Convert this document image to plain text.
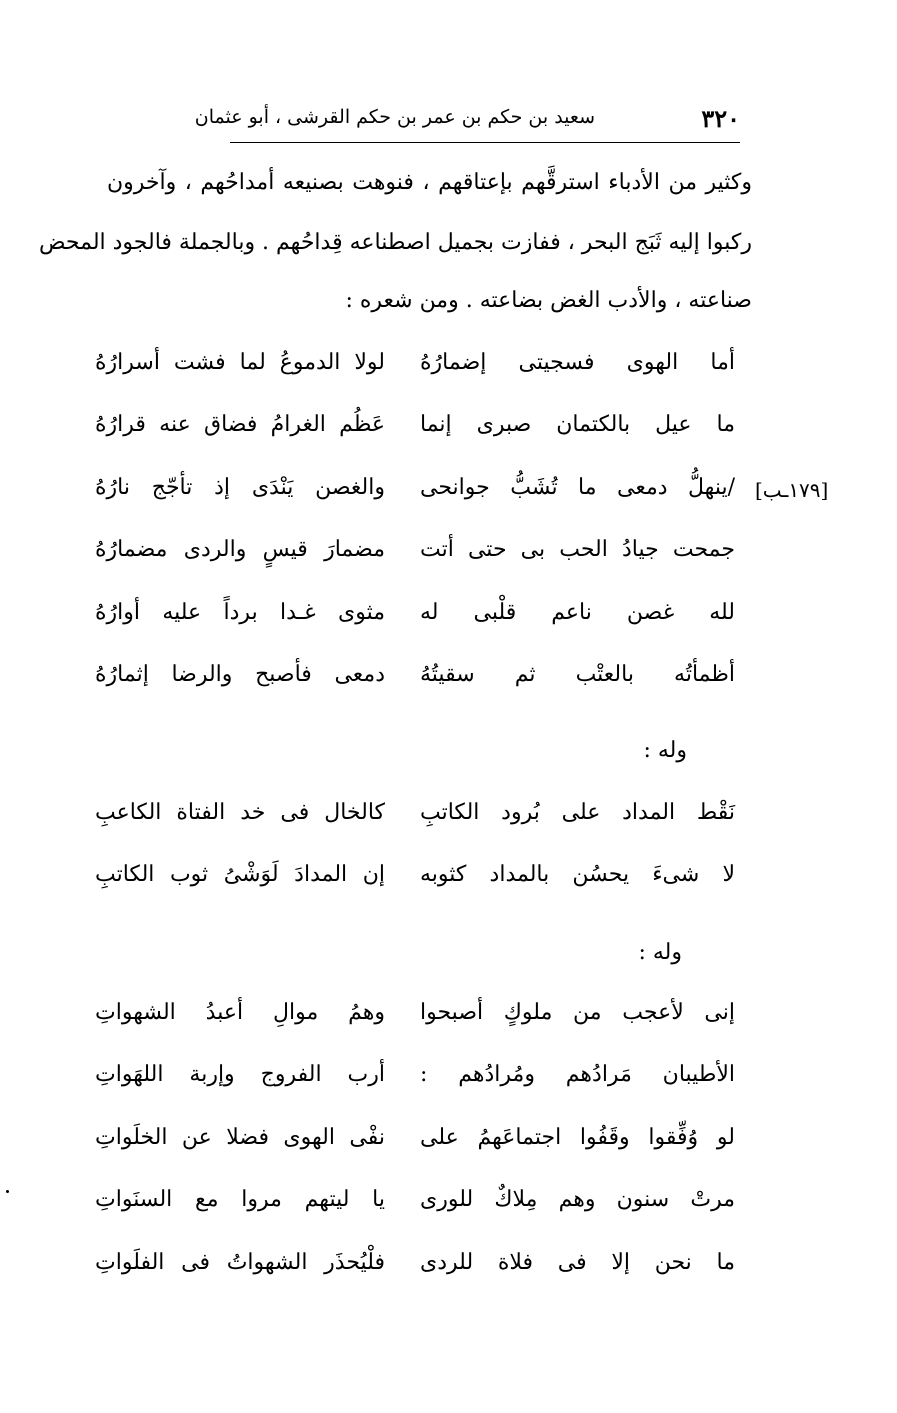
٣٢٠
سعيد بن حكم بن عمر بن حكم القرشى ، أبو عثمان
وكثير من الأدباء استرقَّهم بإعتاقهم ، فنوهت بصنيعه أمداحُهم ، وآخرون
ركبوا إليه ثَبَج البحر ، ففازت بجميل اصطناعه قِداحُهم . وبالجملة فالجود المحض
صناعته ، والأدب الغض بضاعته . ومن شعره :
أما الهوى فسجيتى إضمارُهُ
لولا الدموعُ لما فشت أسرارُهُ
ما عيل بالكتمان صبرى إنما
عَظُم الغرامُ فضاق عنه قرارُهُ
/ينهلُّ دمعى ما تُشَبُّ جوانحى
والغصن يَنْدَى إذ تأجّج نارُهُ
جمحت جيادُ الحب بى حتى أتت
مضمارَ قيسٍ والردى مضمارُهُ
لله غصن ناعم قلْبى له
مثوى غـدا برداً عليه أوارُهُ
أظمأتُه بالعتْب ثم سقيتُهُ
دمعى فأصبح والرضا إثمارُهُ
[١٧٩ـب]
وله :
نَقْط المداد على بُرود الكاتبِ
كالخال فى خد الفتاة الكاعبِ
لا شىءَ يحسُن بالمداد كثوبه
إن المدادَ لَوَشْىُ ثوب الكاتبِ
وله :
إنى لأعجب من ملوكٍ أصبحوا
وهمُ موالِ أعبدُ الشهواتِ
الأطيبان مَرادُهم ومُرادُهم :
أرب الفروج وإربة اللهَواتِ
لو وُفِّقوا وقَفُوا اجتماعَهمُ على
نفْى الهوى فضلا عن الخلَواتِ
مرتْ سنون وهم مِلاكٌ للورى
يا ليتهم مروا مع السنَواتِ
ما نحن إلا فى فلاة للردى
فلْيُحذَر الشهواتُ فى الفلَواتِ
